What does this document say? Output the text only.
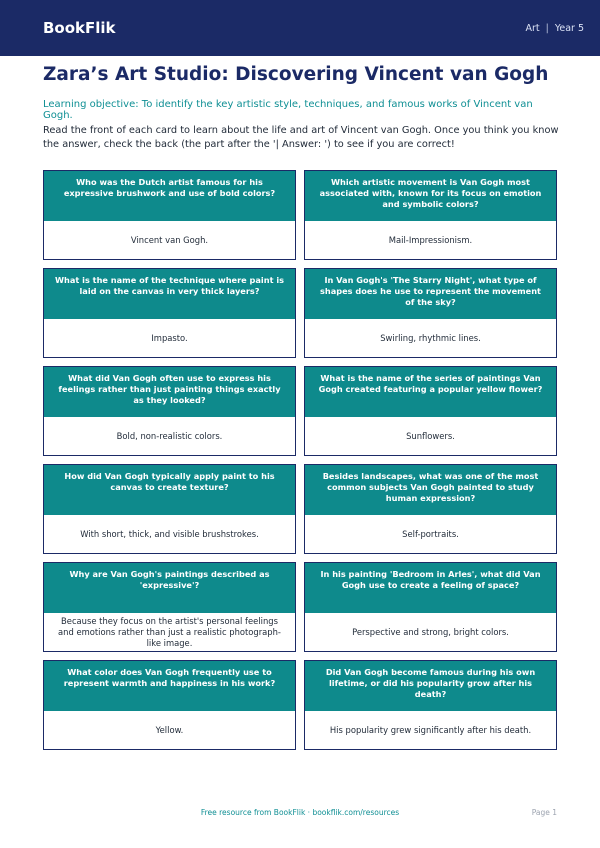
BookFlik	Art | Year 5
Zara’s Art Studio: Discovering Vincent van Gogh

Learning objective: To identify the key artistic style, techniques, and famous works of Vincent van Gogh.

Read the front of each card to learn about the life and art of Vincent van Gogh. Once you think you know the answer, check the back (the part after the '| Answer: ') to see if you are correct!

Who was the Dutch artist famous for his expressive brushwork and use of bold colors?
Vincent van Gogh.
Which artistic movement is Van Gogh most associated with, known for its focus on emotion and symbolic colors?
Mail-Impressionism.
What is the name of the technique where paint is laid on the canvas in very thick layers?
Impasto.
In Van Gogh's 'The Starry Night', what type of shapes does he use to represent the movement of the sky?
Swirling, rhythmic lines.
What did Van Gogh often use to express his feelings rather than just painting things exactly as they looked?
Bold, non-realistic colors.
What is the name of the series of paintings Van Gogh created featuring a popular yellow flower?
Sunflowers.
How did Van Gogh typically apply paint to his canvas to create texture?
With short, thick, and visible brushstrokes.
Besides landscapes, what was one of the most common subjects Van Gogh painted to study human expression?
Self-portraits.
Why are Van Gogh's paintings described as 'expressive'?
Because they focus on the artist's personal feelings and emotions rather than just a realistic photograph-like image.
In his painting 'Bedroom in Arles', what did Van Gogh use to create a feeling of space?
Perspective and strong, bright colors.
What color does Van Gogh frequently use to represent warmth and happiness in his work?
Yellow.
Did Van Gogh become famous during his own lifetime, or did his popularity grow after his death?
His popularity grew significantly after his death.
Free resource from BookFlik · bookflik.com/resources	Page 1
